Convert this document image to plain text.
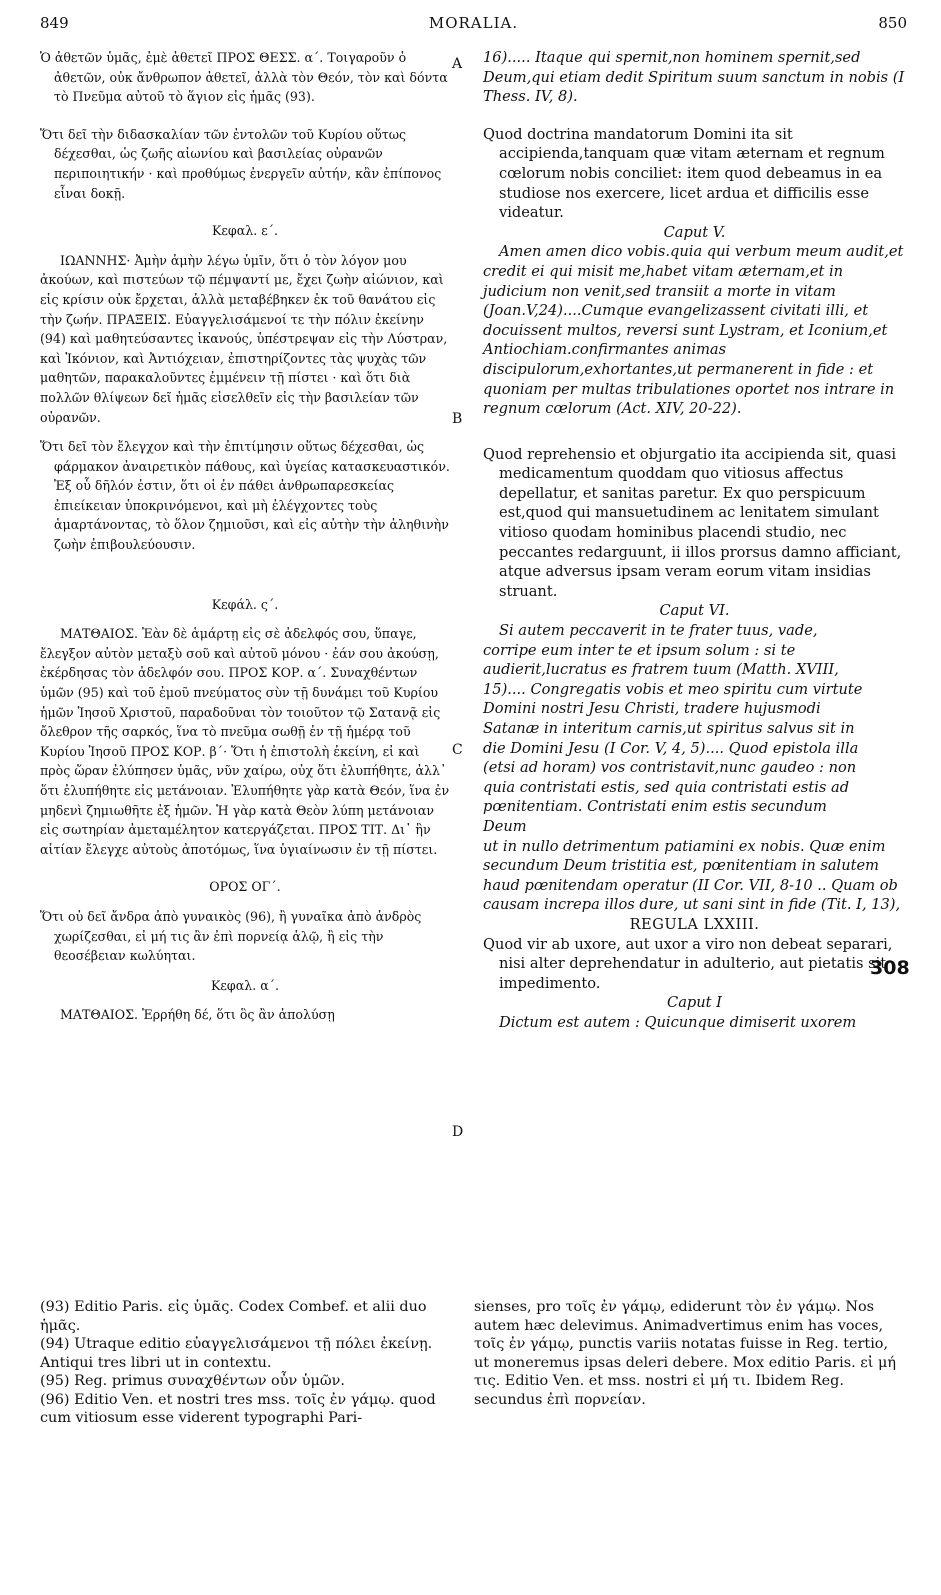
849	MORALIA.	850
A
B
C
D
308

Ὁ ἀθετῶν ὑμᾶς, ἐμὲ ἀθετεῖ ΠΡΟΣ ΘΕΣΣ. α΄. Τοιγαροῦν ὁ ἀθετῶν, οὐκ ἄνθρωπον ἀθετεῖ, ἀλλὰ τὸν Θεόν, τὸν καὶ δόντα τὸ Πνεῦμα αὐτοῦ τὸ ἅγιον εἰς ἡμᾶς (93).

Ὅτι δεῖ τὴν διδασκαλίαν τῶν ἐντολῶν τοῦ Κυρίου οὕτως δέχεσθαι, ὡς ζωῆς αἰωνίου καὶ βασιλείας οὐρανῶν περιποιητικήν · καὶ προθύμως ἐνεργεῖν αὐτήν, κἂν ἐπίπονος εἶναι δοκῇ.

Κεφαλ. ε΄.

ΙΩΑΝΝΗΣ· Ἀμὴν ἀμὴν λέγω ὑμῖν, ὅτι ὁ τὸν λόγον μου ἀκούων, καὶ πιστεύων τῷ πέμψαντί με, ἔχει ζωὴν αἰώνιον, καὶ εἰς κρίσιν οὐκ ἔρχεται, ἀλλὰ μεταβέβηκεν ἐκ τοῦ θανάτου εἰς τὴν ζωήν. ΠΡΑΞΕΙΣ. Εὐαγγελισάμενοί τε τὴν πόλιν ἐκείνην (94) καὶ μαθητεύσαντες ἱκανούς, ὑπέστρεψαν εἰς τὴν Λύστραν, καὶ Ἰκόνιον, καὶ Ἀντιόχειαν, ἐπιστηρίζοντες τὰς ψυχὰς τῶν μαθητῶν, παρακαλοῦντες ἐμμένειν τῇ πίστει · καὶ ὅτι διὰ πολλῶν θλίψεων δεῖ ἡμᾶς εἰσελθεῖν εἰς τὴν βασιλείαν τῶν οὐρανῶν.

Ὅτι δεῖ τὸν ἔλεγχον καὶ τὴν ἐπιτίμησιν οὕτως δέχεσθαι, ὡς φάρμακον ἀναιρετικὸν πάθους, καὶ ὑγείας κατασκευαστικόν. Ἐξ οὗ δῆλόν ἐστιν, ὅτι οἱ ἐν πάθει ἀνθρωπαρεσκείας ἐπιείκειαν ὑποκρινόμενοι, καὶ μὴ ἐλέγχοντες τοὺς ἁμαρτάνοντας, τὸ ὅλον ζημιοῦσι, καὶ εἰς αὐτὴν τὴν ἀληθινὴν ζωὴν ἐπιβουλεύουσιν.

Κεφάλ. ς΄.

ΜΑΤΘΑΙΟΣ. Ἐὰν δὲ ἁμάρτῃ εἰς σὲ ἀδελφός σου, ὕπαγε, ἔλεγξον αὐτὸν μεταξὺ σοῦ καὶ αὐτοῦ μόνου · ἐάν σου ἀκούσῃ, ἐκέρδησας τὸν ἀδελφόν σου. ΠΡΟΣ ΚΟΡ. α΄. Συναχθέντων ὑμῶν (95) καὶ τοῦ ἐμοῦ πνεύματος σὺν τῇ δυνάμει τοῦ Κυρίου ἡμῶν Ἰησοῦ Χριστοῦ, παραδοῦναι τὸν τοιοῦτον τῷ Σατανᾷ εἰς ὄλεθρον τῆς σαρκός, ἵνα τὸ πνεῦμα σωθῇ ἐν τῇ ἡμέρᾳ τοῦ Κυρίου Ἰησοῦ ΠΡΟΣ ΚΟΡ. β΄· Ὅτι ἡ ἐπιστολὴ ἐκείνη, εἰ καὶ πρὸς ὥραν ἐλύπησεν ὑμᾶς, νῦν χαίρω, οὐχ ὅτι ἐλυπήθητε, ἀλλ᾽ ὅτι ἐλυπήθητε εἰς μετάνοιαν. Ἐλυπήθητε γὰρ κατὰ Θεόν, ἵνα ἐν μηδενὶ ζημιωθῆτε ἐξ ἡμῶν. Ἡ γὰρ κατὰ Θεὸν λύπη μετάνοιαν εἰς σωτηρίαν ἀμεταμέλητον κατεργάζεται. ΠΡΟΣ ΤΙΤ. Δι᾽ ἣν αἰτίαν ἔλεγχε αὐτοὺς ἀποτόμως, ἵνα ὑγιαίνωσιν ἐν τῇ πίστει.

ΟΡΟΣ ΟΓ΄.

Ὅτι οὐ δεῖ ἄνδρα ἀπὸ γυναικὸς (96), ἢ γυναῖκα ἀπὸ ἀνδρὸς χωρίζεσθαι, εἰ μή τις ἂν ἐπὶ πορνείᾳ ἁλῷ, ἢ εἰς τὴν θεοσέβειαν κωλύηται.

Κεφαλ. α΄.

ΜΑΤΘΑΙΟΣ. Ἐρρήθη δέ, ὅτι ὃς ἂν ἀπολύσῃ

16)..... Itaque qui spernit,non hominem spernit,sed Deum,qui etiam dedit Spiritum suum sanctum in nobis (I Thess. IV, 8).

Quod doctrina mandatorum Domini ita sit accipienda,tanquam quæ vitam æternam et regnum cœlorum nobis conciliet: item quod debeamus in ea studiose nos exercere, licet ardua et difficilis esse videatur.

Caput V.

Amen amen dico vobis.quia qui verbum meum audit,et credit ei qui misit me,habet vitam æternam,et in judicium non venit,sed transiit a morte in vitam (Joan.V,24)....Cumque evangelizassent civitati illi, et docuissent multos, reversi sunt Lystram, et Iconium,et Antiochiam.confirmantes animas discipulorum,exhortantes,ut permanerent in fide : et quoniam per multas tribulationes oportet nos intrare in regnum cœlorum (Act. XIV, 20-22).

Quod reprehensio et objurgatio ita accipienda sit, quasi medicamentum quoddam quo vitiosus affectus depellatur, et sanitas paretur. Ex quo perspicuum est,quod qui mansuetudinem ac lenitatem simulant vitioso quodam hominibus placendi studio, nec peccantes redarguunt, ii illos prorsus damno afficiant, atque adversus ipsam veram eorum vitam insidias struant.

Caput VI.

Si autem peccaverit in te frater tuus, vade, corripe eum inter te et ipsum solum : si te audierit,lucratus es fratrem tuum (Matth. XVIII, 15).... Congregatis vobis et meo spiritu cum virtute Domini nostri Jesu Christi, tradere hujusmodi Satanæ in interitum carnis,ut spiritus salvus sit in die Domini Jesu (I Cor. V, 4, 5).... Quod epistola illa (etsi ad horam) vos contristavit,nunc gaudeo : non quia contristati estis, sed quia contristati estis ad pœnitentiam. Contristati enim estis secundum Deum

ut in nullo detrimentum patiamini ex nobis. Quæ enim secundum Deum tristitia est, pœnitentiam in salutem haud pœnitendam operatur (II Cor. VII, 8-10 .. Quam ob causam increpa illos dure, ut sani sint in fide (Tit. I, 13),

REGULA LXXIII.

Quod vir ab uxore, aut uxor a viro non debeat separari, nisi alter deprehendatur in adulterio, aut pietatis sit impedimento.

Caput I

Dictum est autem : Quicunque dimiserit uxorem

(93) Editio Paris. εἰς ὑμᾶς. Codex Combef. et alii duo ἡμᾶς.

(94) Utraque editio εὐαγγελισάμενοι τῇ πόλει ἐκείνῃ. Antiqui tres libri ut in contextu.

(95) Reg. primus συναχθέντων οὖν ὑμῶν.

(96) Editio Ven. et nostri tres mss. τοῖς ἐν γάμῳ. quod cum vitiosum esse viderent typographi Pari-

sienses, pro τοῖς ἐν γάμῳ, ediderunt τὸν ἐν γάμῳ. Nos autem hæc delevimus. Animadvertimus enim has voces, τοῖς ἐν γάμῳ, punctis variis notatas fuisse in Reg. tertio, ut moneremus ipsas deleri debere. Mox editio Paris. εἰ μή τις. Editio Ven. et mss. nostri εἰ μή τι. Ibidem Reg. secundus ἐπὶ πορνείαν.
